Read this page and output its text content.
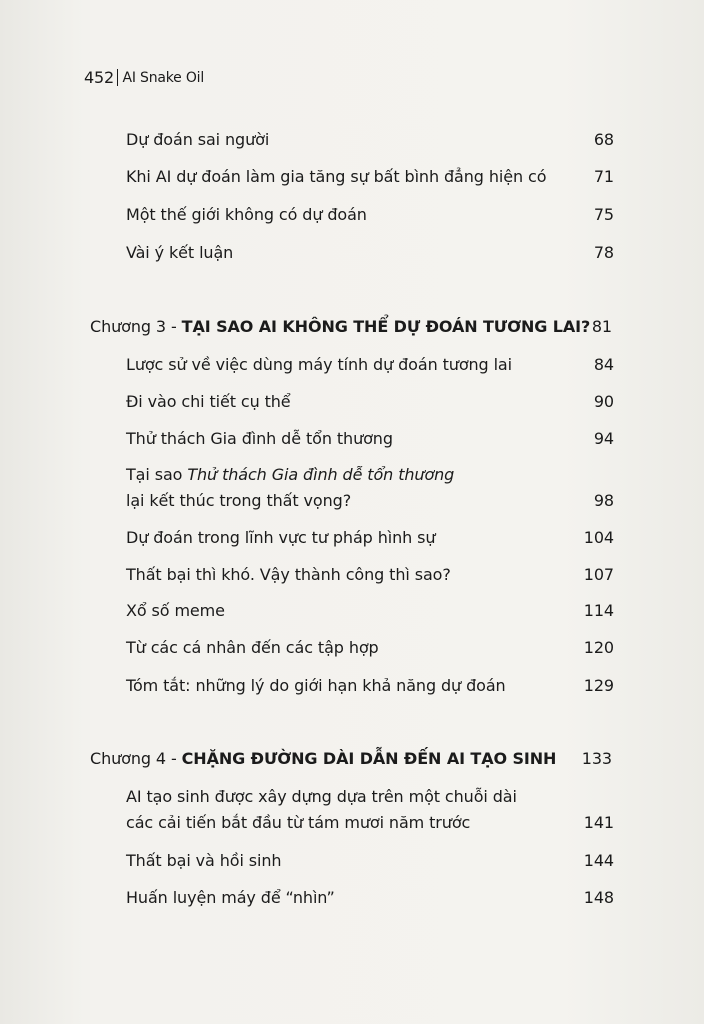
452 AI Snake Oil
Dự đoán sai người	68
Khi AI dự đoán làm gia tăng sự bất bình đẳng hiện có	71
Một thế giới không có dự đoán	75
Vài ý kết luận	78
Chương 3 - TẠI SAO AI KHÔNG THỂ DỰ ĐOÁN TƯƠNG LAI? 81
Lược sử về việc dùng máy tính dự đoán tương lai	84
Đi vào chi tiết cụ thể	90
Thử thách Gia đình dễ tổn thương	94
Tại sao Thử thách Gia đình dễ tổn thương
lại kết thúc trong thất vọng?	98
Dự đoán trong lĩnh vực tư pháp hình sự	104
Thất bại thì khó. Vậy thành công thì sao?	107
Xổ số meme	114
Từ các cá nhân đến các tập hợp	120
Tóm tắt: những lý do giới hạn khả năng dự đoán	129
Chương 4 - CHẶNG ĐƯỜNG DÀI DẪN ĐẾN AI TẠO SINH 133
AI tạo sinh được xây dựng dựa trên một chuỗi dài
các cải tiến bắt đầu từ tám mươi năm trước	141
Thất bại và hồi sinh	144
Huấn luyện máy để “nhìn”	148
